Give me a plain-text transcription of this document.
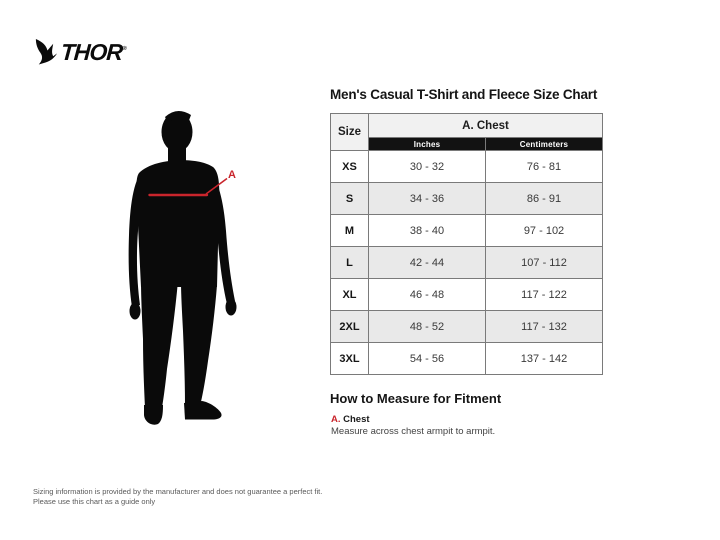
THOR®
A
Men's Casual T-Shirt and Fleece Size Chart
Size	A. Chest	
	Inches	Centimeters
XS	30 - 32	76 - 81
S	34 - 36	86 - 91
M	38 - 40	97 - 102
L	42 - 44	107 - 112
XL	46 - 48	117 - 122
2XL	48 - 52	117 - 132
3XL	54 - 56	137 - 142
How to Measure for Fitment
A. Chest

Measure across chest armpit to armpit.

Sizing information is provided by the manufacturer and does not guarantee a perfect fit.
Please use this chart as a guide only
